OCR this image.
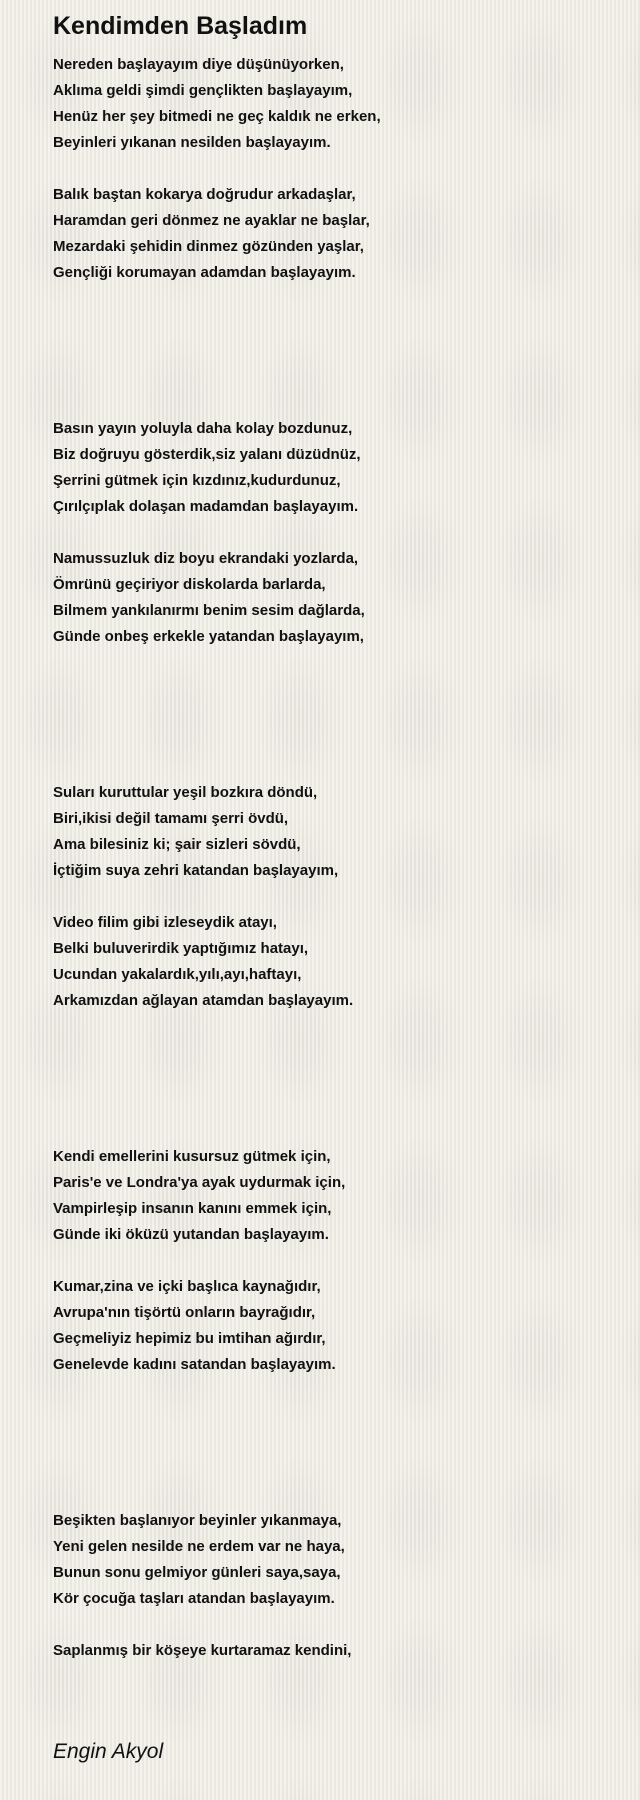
Kendimden Başladım
Nereden başlayayım diye düşünüyorken,
Aklıma geldi şimdi gençlikten başlayayım,
Henüz her şey bitmedi ne geç kaldık ne erken,
Beyinleri yıkanan nesilden başlayayım.
Balık baştan kokarya doğrudur arkadaşlar,
Haramdan geri dönmez ne ayaklar ne başlar,
Mezardaki şehidin dinmez gözünden yaşlar,
Gençliği korumayan adamdan başlayayım.
Basın yayın yoluyla daha kolay bozdunuz,
Biz doğruyu gösterdik,siz yalanı düzüdnüz,
Şerrini gütmek için kızdınız,kudurdunuz,
Çırılçıplak dolaşan madamdan başlayayım.
Namussuzluk diz boyu ekrandaki yozlarda,
Ömrünü geçiriyor diskolarda barlarda,
Bilmem yankılanırmı benim sesim dağlarda,
Günde onbeş erkekle yatandan başlayayım,
Suları kuruttular yeşil bozkıra döndü,
Biri,ikisi değil tamamı şerri övdü,
Ama bilesiniz ki; şair sizleri sövdü,
İçtiğim suya zehri katandan başlayayım,
Video filim gibi izleseydik atayı,
Belki buluverirdik yaptığımız hatayı,
Ucundan yakalardık,yılı,ayı,haftayı,
Arkamızdan ağlayan atamdan başlayayım.
Kendi emellerini kusursuz gütmek için,
Paris'e ve Londra'ya ayak uydurmak için,
Vampirleşip insanın kanını emmek için,
Günde iki öküzü yutandan başlayayım.
Kumar,zina ve içki başlıca kaynağıdır,
Avrupa'nın tişörtü onların bayrağıdır,
Geçmeliyiz hepimiz bu imtihan ağırdır,
Genelevde kadını satandan başlayayım.
Beşikten başlanıyor beyinler yıkanmaya,
Yeni gelen nesilde ne erdem var ne haya,
Bunun sonu gelmiyor günleri saya,saya,
Kör çocuğa taşları atandan başlayayım.
Saplanmış bir köşeye kurtaramaz kendini,
Engin Akyol
